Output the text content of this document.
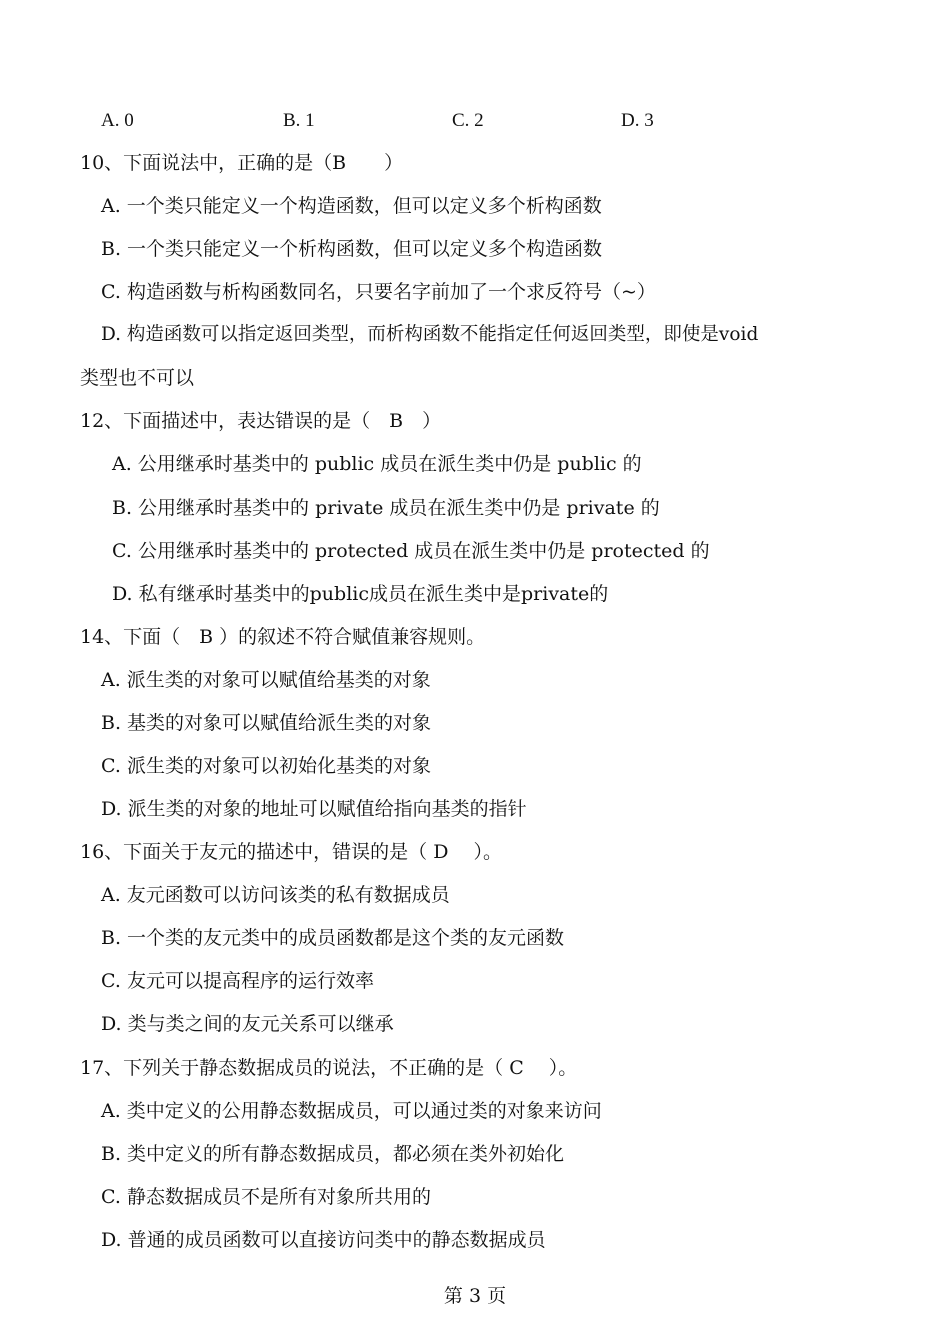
A. 0	B. 1	C. 2	D. 3
10、下面说法中，正确的是（B　　）
A. 一个类只能定义一个构造函数，但可以定义多个析构函数
B. 一个类只能定义一个析构函数，但可以定义多个构造函数
C. 构造函数与析构函数同名，只要名字前加了一个求反符号（~）
D. 构造函数可以指定返回类型，而析构函数不能指定任何返回类型，即使是void
类型也不可以
12、下面描述中，表达错误的是（　B　）
A. 公用继承时基类中的 public 成员在派生类中仍是 public 的
B. 公用继承时基类中的 private 成员在派生类中仍是 private 的
C. 公用继承时基类中的 protected 成员在派生类中仍是 protected 的
D. 私有继承时基类中的public成员在派生类中是private的
14、下面（　B ）的叙述不符合赋值兼容规则。
A. 派生类的对象可以赋值给基类的对象
B. 基类的对象可以赋值给派生类的对象
C. 派生类的对象可以初始化基类的对象
D. 派生类的对象的地址可以赋值给指向基类的指针
16、下面关于友元的描述中，错误的是（ D　 ）。
A. 友元函数可以访问该类的私有数据成员
B. 一个类的友元类中的成员函数都是这个类的友元函数
C. 友元可以提高程序的运行效率
D. 类与类之间的友元关系可以继承
17、下列关于静态数据成员的说法，不正确的是（ C　 ）。
A. 类中定义的公用静态数据成员，可以通过类的对象来访问
B. 类中定义的所有静态数据成员，都必须在类外初始化
C. 静态数据成员不是所有对象所共用的
D. 普通的成员函数可以直接访问类中的静态数据成员
第 3 页
